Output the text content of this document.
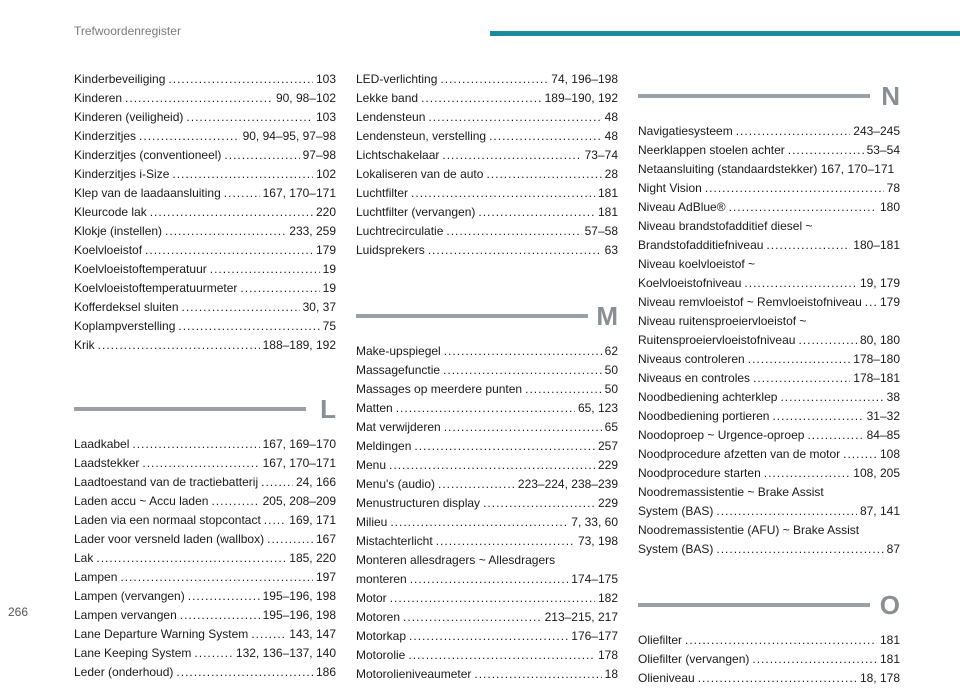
Trefwoordenregister
266
Kinderbeveiliging .....	103
Kinderen .....	90, 98–102
Kinderen (veiligheid) .....	103
Kinderzitjes .....	90, 94–95, 97–98
Kinderzitjes (conventioneel) .....	97–98
Kinderzitjes i-Size .....	102
Klep van de laadaansluiting .....	167, 170–171
Kleurcode lak .....	220
Klokje (instellen) .....	233, 259
Koelvloeistof .....	179
Koelvloeistoftemperatuur .....	19
Koelvloeistoftemperatuurmeter .....	19
Kofferdeksel sluiten .....	30, 37
Koplampverstelling .....	75
Krik .....	188–189, 192
L
Laadkabel .....	167, 169–170
Laadstekker .....	167, 170–171
Laadtoestand van de tractiebatterij .....	24, 166
Laden accu ~ Accu laden .....	205, 208–209
Laden via een normaal stopcontact ..... 169, 171
Lader voor versneld laden (wallbox) .....	167
Lak .....	185, 220
Lampen .....	197
Lampen (vervangen) .....	195–196, 198
Lampen vervangen .....	195–196, 198
Lane Departure Warning System .....	143, 147
Lane Keeping System .....	132, 136–137, 140
Leder (onderhoud) .....	186
LED-verlichting .....	74, 196–198
Lekke band .....	189–190, 192
Lendensteun .....	48
Lendensteun, verstelling .....	48
Lichtschakelaar .....	73–74
Lokaliseren van de auto .....	28
Luchtfilter .....	181
Luchtfilter (vervangen) .....	181
Luchtrecirculatie .....	57–58
Luidsprekers .....	63
M
Make-upspiegel .....	62
Massagefunctie .....	50
Massages op meerdere punten .....	50
Matten .....	65, 123
Mat verwijderen .....	65
Meldingen .....	257
Menu .....	229
Menu's (audio) .....	223–224, 238–239
Menustructuren display .....	229
Milieu .....	7, 33, 60
Mistachterlicht .....	73, 198
Monteren allesdragers ~ Allesdragers
monteren .....	174–175
Motor .....	182
Motoren .....	213–215, 217
Motorkap .....	176–177
Motorolie .....	178
Motorolieniveaumeter .....	18
N
Navigatiesysteem .....	243–245
Neerklappen stoelen achter .....	53–54
Netaansluiting (standaardstekker) 167, 170–171
Night Vision .....	78
Niveau AdBlue® .....	180
Niveau brandstofadditief diesel ~
Brandstofadditiefniveau .....	180–181
Niveau koelvloeistof ~
Koelvloeistofniveau .....	19, 179
Niveau remvloeistof ~ Remvloeistofniveau ..... 179
Niveau ruitensproeiervloeistof ~
Ruitensproeiervloeistofniveau .....	80, 180
Niveaus controleren .....	178–180
Niveaus en controles .....	178–181
Noodbediening achterklep .....	38
Noodbediening portieren .....	31–32
Noodoproep ~ Urgence-oproep .....	84–85
Noodprocedure afzetten van de motor .....	108
Noodprocedure starten .....	108, 205
Noodremassistentie ~ Brake Assist
System (BAS) .....	87, 141
Noodremassistentie (AFU) ~ Brake Assist
System (BAS) .....	87
O
Oliefilter .....	181
Oliefilter (vervangen) .....	181
Olieniveau .....	18, 178
